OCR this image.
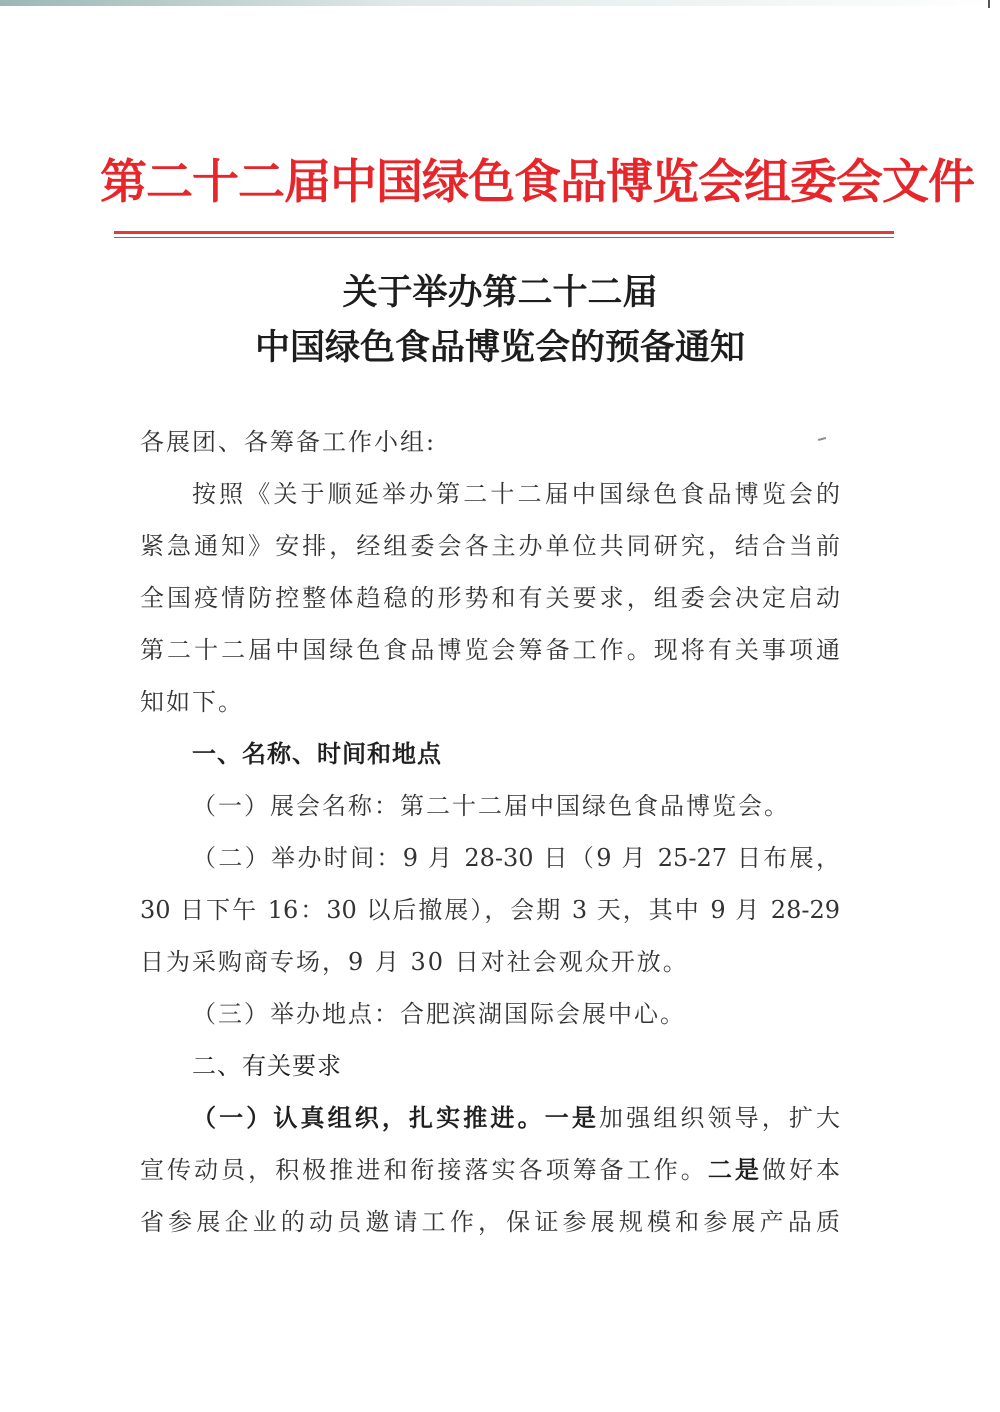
第二十二届中国绿色食品博览会组委会文件
关于举办第二十二届
中国绿色食品博览会的预备通知
各展团、各筹备工作小组:
按照《关于顺延举办第二十二届中国绿色食品博览会的
紧急通知》安排，经组委会各主办单位共同研究，结合当前
全国疫情防控整体趋稳的形势和有关要求，组委会决定启动
第二十二届中国绿色食品博览会筹备工作。现将有关事项通
知如下。
一、名称、时间和地点
（一）展会名称：第二十二届中国绿色食品博览会。
（二）举办时间：9 月 28-30 日（9 月 25-27 日布展，
30 日下午 16：30 以后撤展），会期 3 天，其中 9 月 28-29
日为采购商专场，9 月 30 日对社会观众开放。
（三）举办地点：合肥滨湖国际会展中心。
二、有关要求
（一）认真组织，扎实推进。一是加强组织领导，扩大
宣传动员，积极推进和衔接落实各项筹备工作。二是做好本
省参展企业的动员邀请工作，保证参展规模和参展产品质
